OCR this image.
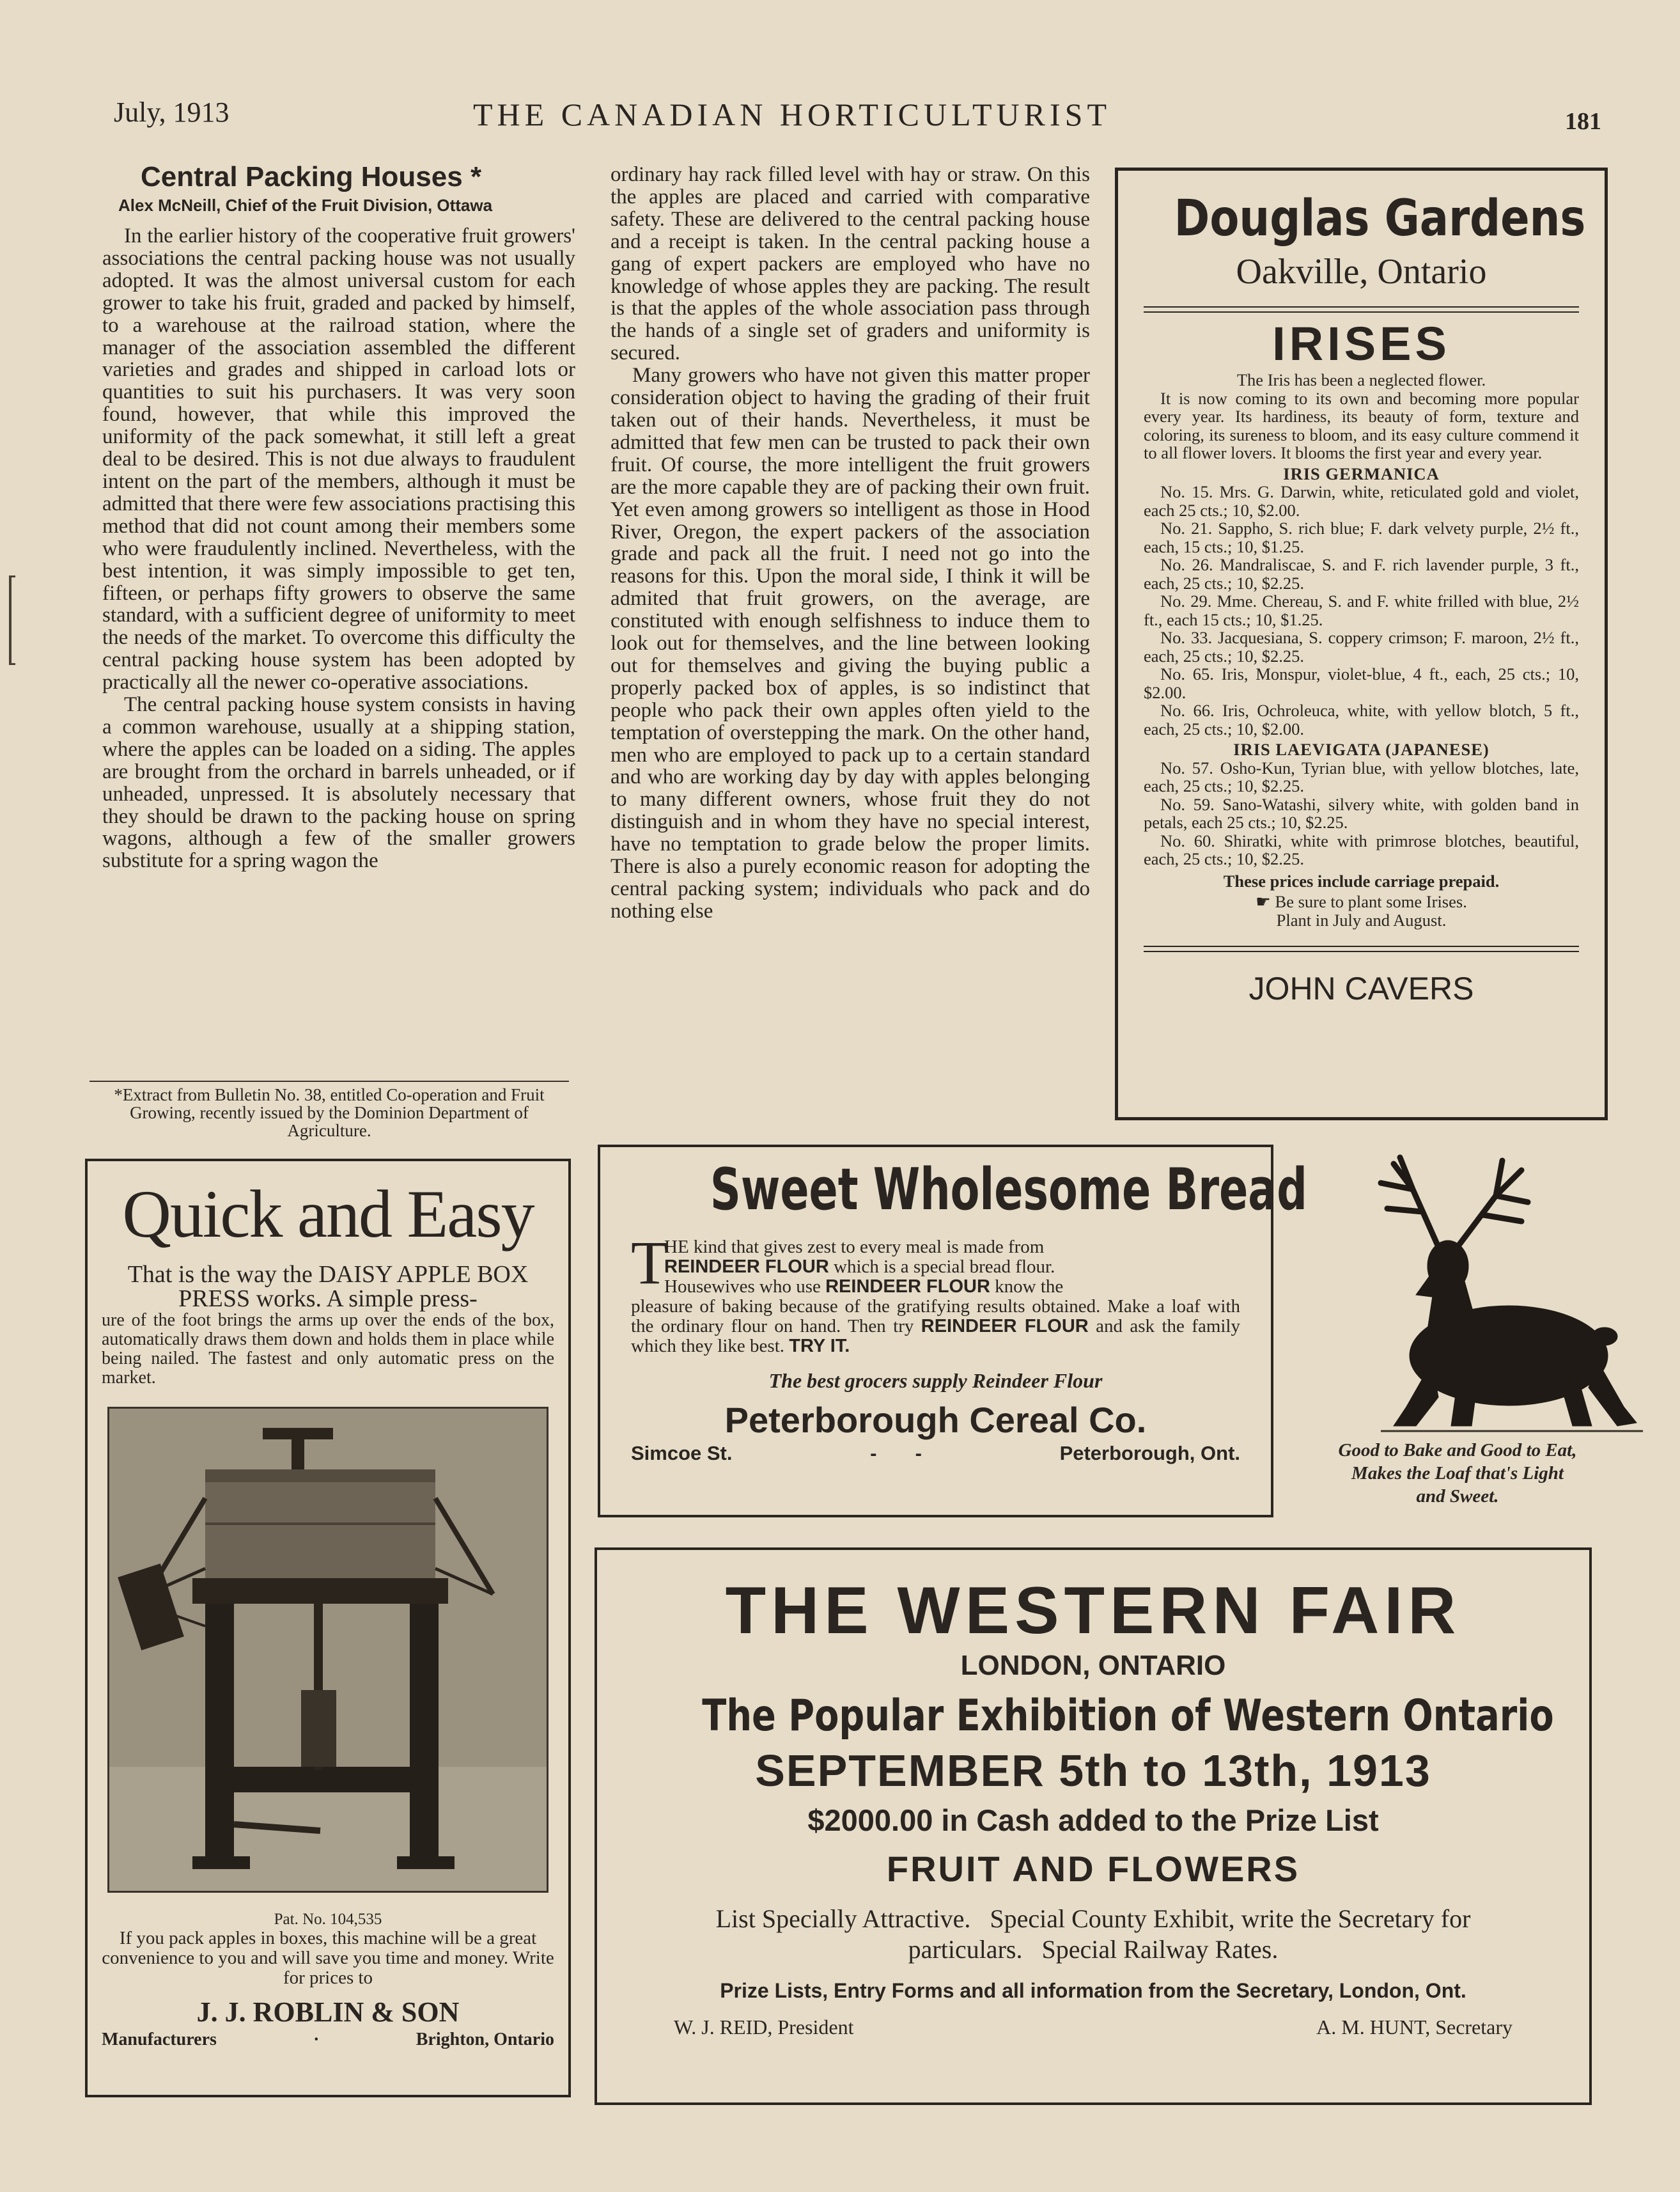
July, 1913	THE CANADIAN HORTICULTURIST	181
Central Packing Houses *
Alex McNeill, Chief of the Fruit Division, Ottawa

In the earlier history of the cooperative fruit growers' associations the central packing house was not usually adopted. It was the almost universal custom for each grower to take his fruit, graded and packed by himself, to a warehouse at the railroad station, where the manager of the association assembled the different varieties and grades and shipped in carload lots or quantities to suit his purchasers. It was very soon found, however, that while this improved the uniformity of the pack somewhat, it still left a great deal to be desired. This is not due always to fraudulent intent on the part of the members, although it must be admitted that there were few associations practising this method that did not count among their members some who were fraudulently inclined. Nevertheless, with the best intention, it was simply impossible to get ten, fifteen, or perhaps fifty growers to observe the same standard, with a sufficient degree of uniformity to meet the needs of the market. To overcome this difficulty the central packing house system has been adopted by practically all the newer co-operative associations.

The central packing house system consists in having a common warehouse, usually at a shipping station, where the apples can be loaded on a siding. The apples are brought from the orchard in barrels unheaded, or if unheaded, unpressed. It is absolutely necessary that they should be drawn to the packing house on spring wagons, although a few of the smaller growers substitute for a spring wagon the

ordinary hay rack filled level with hay or straw. On this the apples are placed and carried with comparative safety. These are delivered to the central packing house and a receipt is taken. In the central packing house a gang of expert packers are employed who have no knowledge of whose apples they are packing. The result is that the apples of the whole association pass through the hands of a single set of graders and uniformity is secured.

Many growers who have not given this matter proper consideration object to having the grading of their fruit taken out of their hands. Nevertheless, it must be admitted that few men can be trusted to pack their own fruit. Of course, the more intelligent the fruit growers are the more capable they are of packing their own fruit. Yet even among growers so intelligent as those in Hood River, Oregon, the expert packers of the association grade and pack all the fruit. I need not go into the reasons for this. Upon the moral side, I think it will be admited that fruit growers, on the average, are constituted with enough selfishness to induce them to look out for themselves, and the line between looking out for themselves and giving the buying public a properly packed box of apples, is so indistinct that people who pack their own apples often yield to the temptation of overstepping the mark. On the other hand, men who are employed to pack up to a certain standard and who are working day by day with apples belonging to many different owners, whose fruit they do not distinguish and in whom they have no special interest, have no temptation to grade below the proper limits. There is also a purely economic reason for adopting the central packing system; individuals who pack and do nothing else

*Extract from Bulletin No. 38, entitled Co-operation and Fruit Growing, recently issued by the Dominion Department of Agriculture.
Douglas Gardens
Oakville, Ontario
IRISES
The Iris has been a neglected flower.

It is now coming to its own and becoming more popular every year. Its hardiness, its beauty of form, texture and coloring, its sureness to bloom, and its easy culture commend it to all flower lovers. It blooms the first year and every year.

IRIS GERMANICA

No. 15. Mrs. G. Darwin, white, reticulated gold and violet, each 25 cts.; 10, $2.00.

No. 21. Sappho, S. rich blue; F. dark velvety purple, 2½ ft., each, 15 cts.; 10, $1.25.

No. 26. Mandraliscae, S. and F. rich lavender purple, 3 ft., each, 25 cts.; 10, $2.25.

No. 29. Mme. Chereau, S. and F. white frilled with blue, 2½ ft., each 15 cts.; 10, $1.25.

No. 33. Jacquesiana, S. coppery crimson; F. maroon, 2½ ft., each, 25 cts.; 10, $2.25.

No. 65. Iris, Monspur, violet-blue, 4 ft., each, 25 cts.; 10, $2.00.

No. 66. Iris, Ochroleuca, white, with yellow blotch, 5 ft., each, 25 cts.; 10, $2.00.

IRIS LAEVIGATA (JAPANESE)

No. 57. Osho-Kun, Tyrian blue, with yellow blotches, late, each, 25 cts.; 10, $2.25.

No. 59. Sano-Watashi, silvery white, with golden band in petals, each 25 cts.; 10, $2.25.

No. 60. Shiratki, white with primrose blotches, beautiful, each, 25 cts.; 10, $2.25.

These prices include carriage prepaid.
☛ Be sure to plant some Irises.
Plant in July and August.
JOHN CAVERS
Quick and Easy
That is the way the DAISY APPLE BOX PRESS works. A simple press-
ure of the foot brings the arms up over the ends of the box, automatically draws them down and holds them in place while being nailed. The fastest and only automatic press on the market.
Pat. No. 104,535
If you pack apples in boxes, this machine will be a great convenience to you and will save you time and money. Write for prices to
J. J. ROBLIN & SON
Manufacturers	·	Brighton, Ontario
Sweet Wholesome Bread
T
HE kind that gives zest to every meal is made from
REINDEER FLOUR which is a special bread flour.
Housewives who use REINDEER FLOUR know the
pleasure of baking because of the gratifying results obtained. Make a loaf with the ordinary flour on hand. Then try REINDEER FLOUR and ask the family which they like best. TRY IT.
The best grocers supply Reindeer Flour
Peterborough Cereal Co.
Simcoe St.	-       -	Peterborough, Ont.	Good to Bake and Good to Eat,
Makes the Loaf that's Light
and Sweet.
THE WESTERN FAIR
LONDON, ONTARIO
The Popular Exhibition of Western Ontario
SEPTEMBER 5th to 13th, 1913
$2000.00 in Cash added to the Prize List
FRUIT AND FLOWERS
List Specially Attractive.   Special County Exhibit, write the Secretary for
particulars.   Special Railway Rates.
Prize Lists, Entry Forms and all information from the Secretary, London, Ont.
W. J. REID, President	A. M. HUNT, Secretary
